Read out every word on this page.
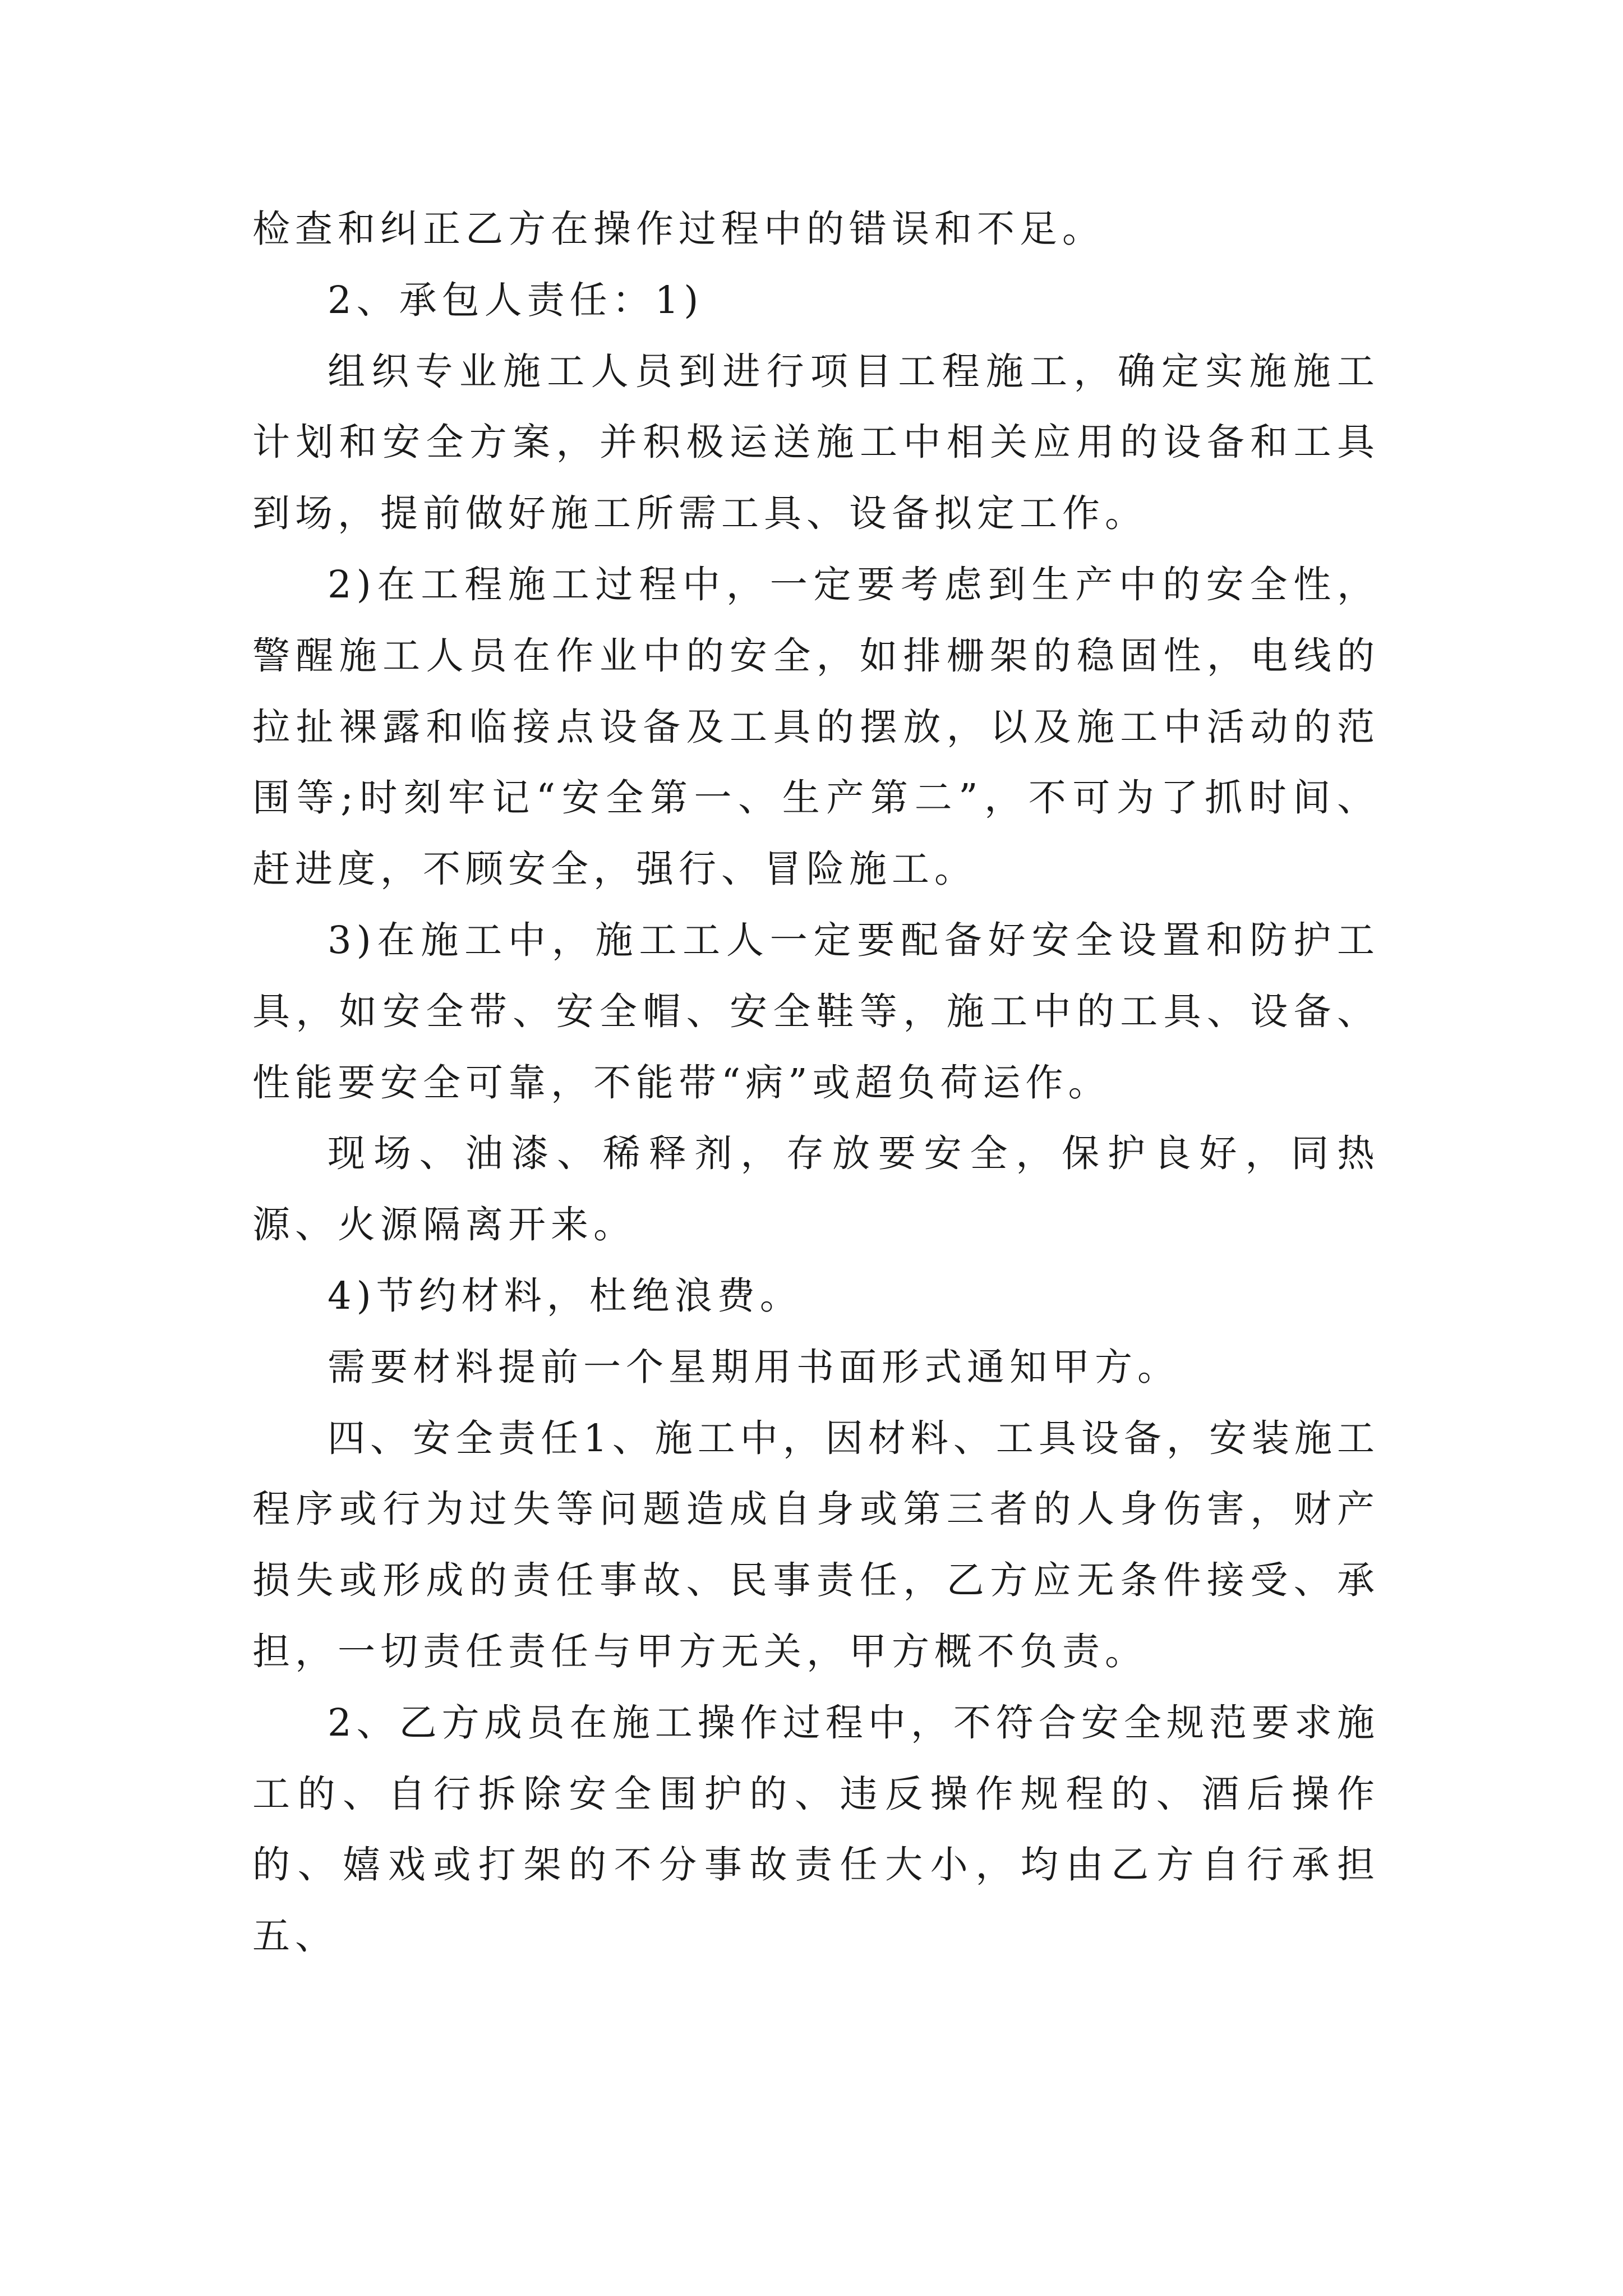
检查和纠正乙方在操作过程中的错误和不足。

2、承包人责任：1)

组织专业施工人员到进行项目工程施工，确定实施施工计划和安全方案，并积极运送施工中相关应用的设备和工具到场，提前做好施工所需工具、设备拟定工作。

2)在工程施工过程中，一定要考虑到生产中的安全性，警醒施工人员在作业中的安全，如排栅架的稳固性，电线的拉扯裸露和临接点设备及工具的摆放，以及施工中活动的范围等;时刻牢记“安全第一、生产第二”，不可为了抓时间、赶进度，不顾安全，强行、冒险施工。

3)在施工中，施工工人一定要配备好安全设置和防护工具，如安全带、安全帽、安全鞋等，施工中的工具、设备、性能要安全可靠，不能带“病”或超负荷运作。

现场、油漆、稀释剂，存放要安全，保护良好，同热源、火源隔离开来。

4)节约材料，杜绝浪费。

需要材料提前一个星期用书面形式通知甲方。

四、安全责任1、施工中，因材料、工具设备，安装施工程序或行为过失等问题造成自身或第三者的人身伤害，财产损失或形成的责任事故、民事责任，乙方应无条件接受、承担，一切责任责任与甲方无关，甲方概不负责。

2、乙方成员在施工操作过程中，不符合安全规范要求施工的、自行拆除安全围护的、违反操作规程的、酒后操作的、嬉戏或打架的不分事故责任大小，均由乙方自行承担五、
